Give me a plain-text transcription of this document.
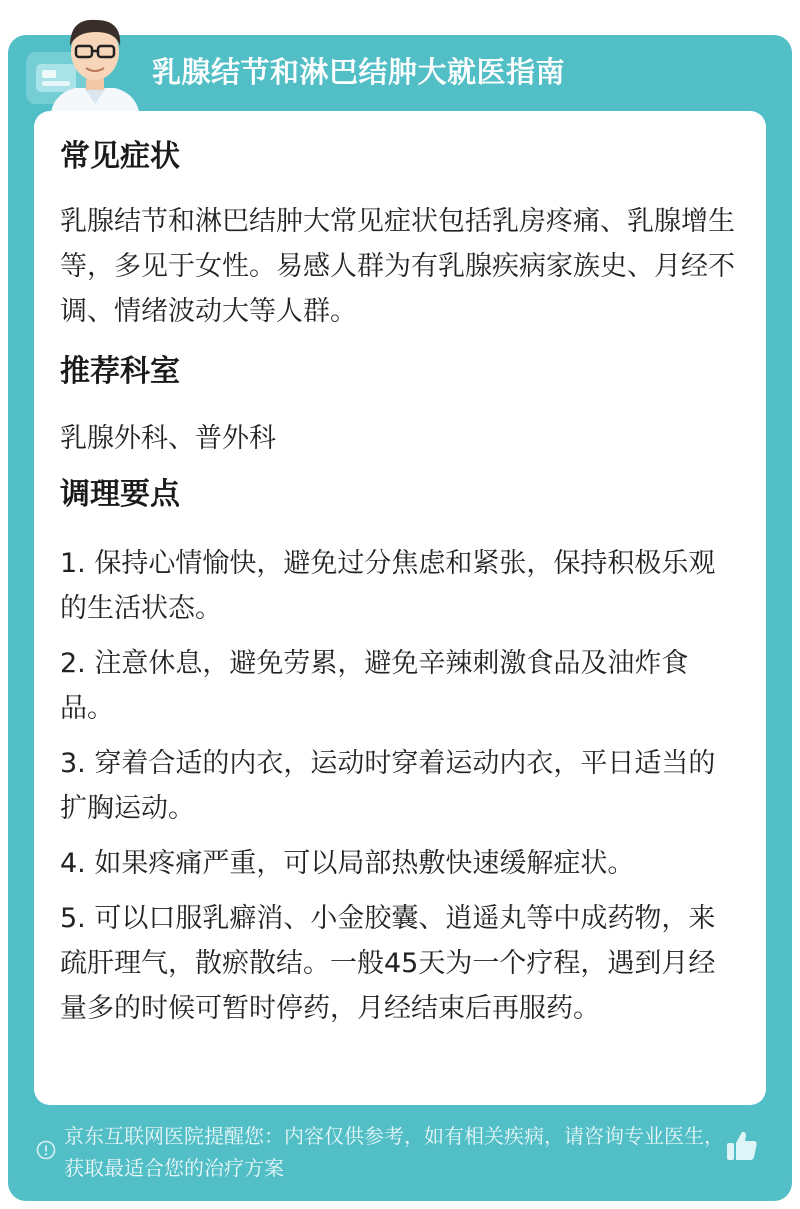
乳腺结节和淋巴结肿大就医指南
常见症状

乳腺结节和淋巴结肿大常见症状包括乳房疼痛、乳腺增生等，多见于女性。易感人群为有乳腺疾病家族史、月经不调、情绪波动大等人群。

推荐科室

乳腺外科、普外科

调理要点

1. 保持心情愉快，避免过分焦虑和紧张，保持积极乐观的生活状态。

2. 注意休息，避免劳累，避免辛辣刺激食品及油炸食品。

3. 穿着合适的内衣，运动时穿着运动内衣，平日适当的扩胸运动。

4. 如果疼痛严重，可以局部热敷快速缓解症状。

5. 可以口服乳癖消、小金胶囊、逍遥丸等中成药物，来疏肝理气，散瘀散结。一般45天为一个疗程，遇到月经量多的时候可暂时停药，月经结束后再服药。

京东互联网医院提醒您：内容仅供参考，如有相关疾病，请咨询专业医生，获取最适合您的治疗方案
